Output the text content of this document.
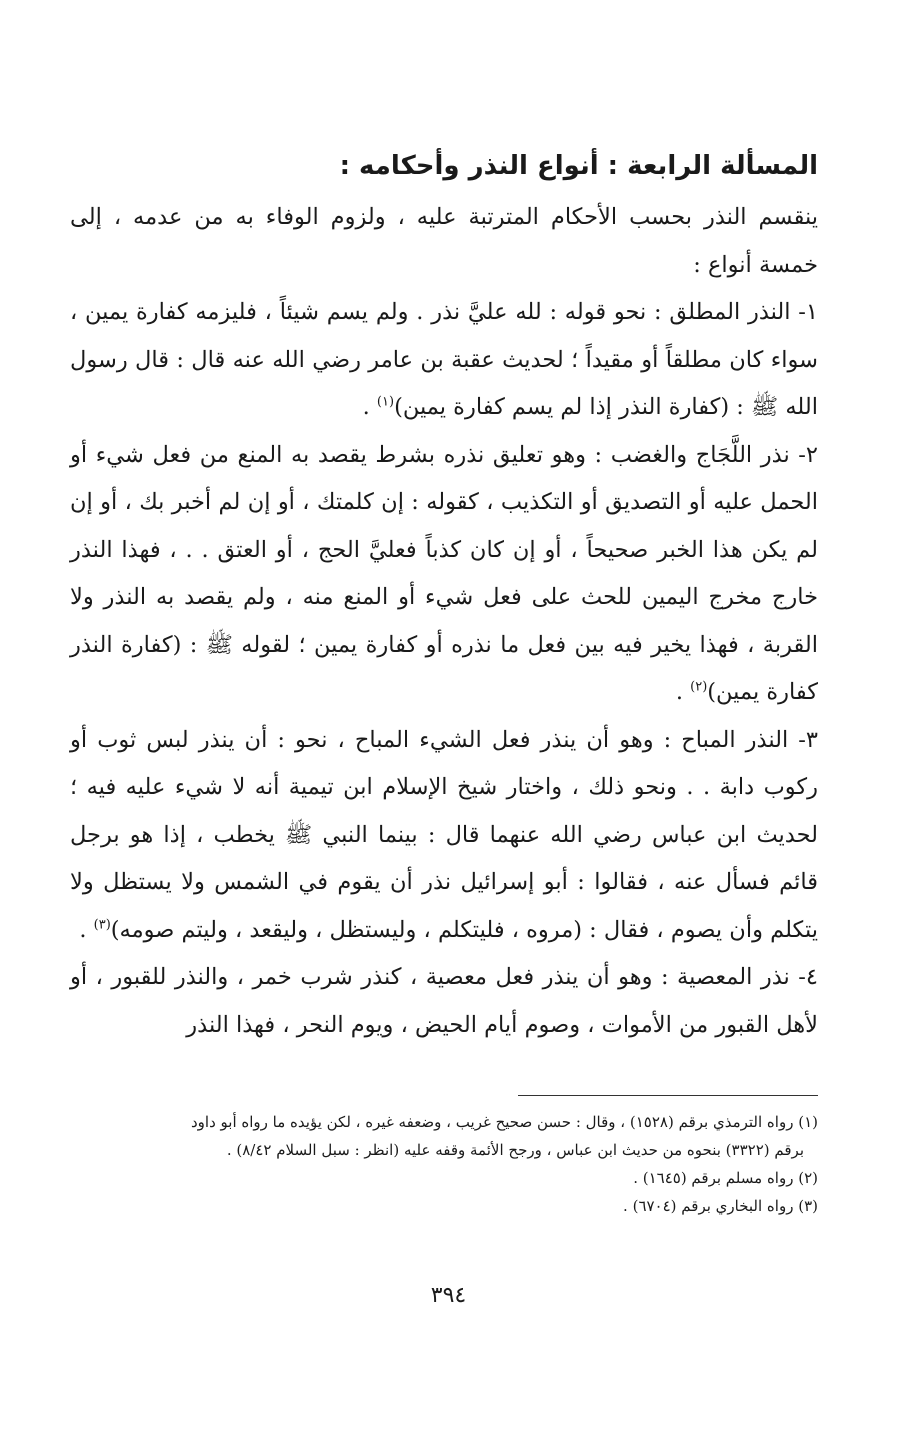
المسألة الرابعة : أنواع النذر وأحكامه :

ينقسم النذر بحسب الأحكام المترتبة عليه ، ولزوم الوفاء به من عدمه ، إلى خمسة أنواع :

١- النذر المطلق : نحو قوله : لله عليَّ نذر . ولم يسم شيئاً ، فليزمه كفارة يمين ، سواء كان مطلقاً أو مقيداً ؛ لحديث عقبة بن عامر رضي الله عنه قال : قال رسول الله ﷺ : (كفارة النذر إذا لم يسم كفارة يمين)$^{(١)}$ .

٢- نذر اللَّجَاج والغضب : وهو تعليق نذره بشرط يقصد به المنع من فعل شيء أو الحمل عليه أو التصديق أو التكذيب ، كقوله : إن كلمتك ، أو إن لم أخبر بك ، أو إن لم يكن هذا الخبر صحيحاً ، أو إن كان كذباً فعليَّ الحج ، أو العتق . . ، فهذا النذر خارج مخرج اليمين للحث على فعل شيء أو المنع منه ، ولم يقصد به النذر ولا القربة ، فهذا يخير فيه بين فعل ما نذره أو كفارة يمين ؛ لقوله ﷺ : (كفارة النذر كفارة يمين)$^{(٢)}$ .

٣- النذر المباح : وهو أن ينذر فعل الشيء المباح ، نحو : أن ينذر لبس ثوب أو ركوب دابة . . ونحو ذلك ، واختار شيخ الإسلام ابن تيمية أنه لا شيء عليه فيه ؛ لحديث ابن عباس رضي الله عنهما قال : بينما النبي ﷺ يخطب ، إذا هو برجل قائم فسأل عنه ، فقالوا : أبو إسرائيل نذر أن يقوم في الشمس ولا يستظل ولا يتكلم وأن يصوم ، فقال : (مروه ، فليتكلم ، وليستظل ، وليقعد ، وليتم صومه)$^{(٣)}$ .

٤- نذر المعصية : وهو أن ينذر فعل معصية ، كنذر شرب خمر ، والنذر للقبور ، أو لأهل القبور من الأموات ، وصوم أيام الحيض ، ويوم النحر ، فهذا النذر

(١) رواه الترمذي برقم (١٥٢٨) ، وقال : حسن صحيح غريب ، وضعفه غيره ، لكن يؤيده ما رواه أبو داود

برقم (٣٣٢٢) بنحوه من حديث ابن عباس ، ورجح الأئمة وقفه عليه (انظر : سبل السلام ٨/٤٢) .

(٢) رواه مسلم برقم (١٦٤٥) .

(٣) رواه البخاري برقم (٦٧٠٤) .

٣٩٤
